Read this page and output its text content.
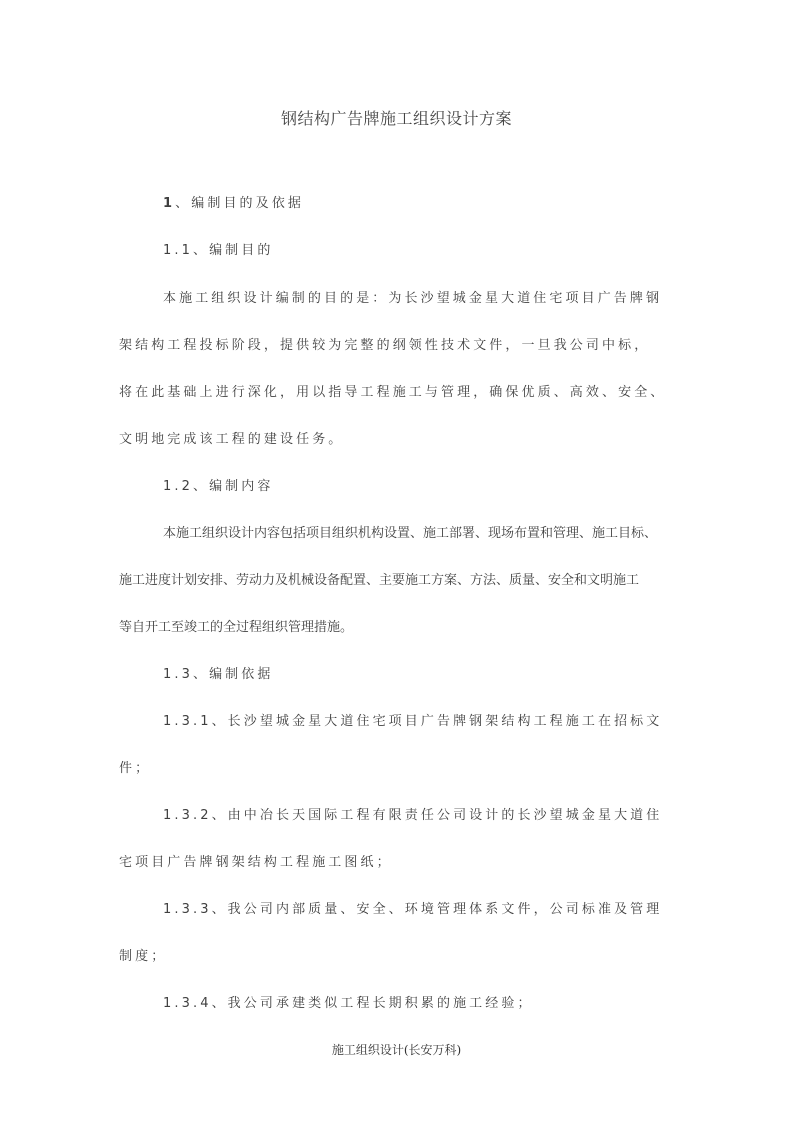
钢结构广告牌施工组织设计方案
1、编制目的及依据
1.1、编制目的
本施工组织设计编制的目的是：为长沙望城金星大道住宅项目广告牌钢
架结构工程投标阶段，提供较为完整的纲领性技术文件，一旦我公司中标，
将在此基础上进行深化，用以指导工程施工与管理，确保优质、高效、安全、
文明地完成该工程的建设任务。
1.2、编制内容
本施工组织设计内容包括项目组织机构设置、施工部署、现场布置和管理、施工目标、
施工进度计划安排、劳动力及机械设备配置、主要施工方案、方法、质量、安全和文明施工
等自开工至竣工的全过程组织管理措施。
1.3、编制依据
1.3.1、长沙望城金星大道住宅项目广告牌钢架结构工程施工在招标文
件；
1.3.2、由中冶长天国际工程有限责任公司设计的长沙望城金星大道住
宅项目广告牌钢架结构工程施工图纸；
1.3.3、我公司内部质量、安全、环境管理体系文件，公司标准及管理
制度；
1.3.4、我公司承建类似工程长期积累的施工经验；
施工组织设计(长安万科)
